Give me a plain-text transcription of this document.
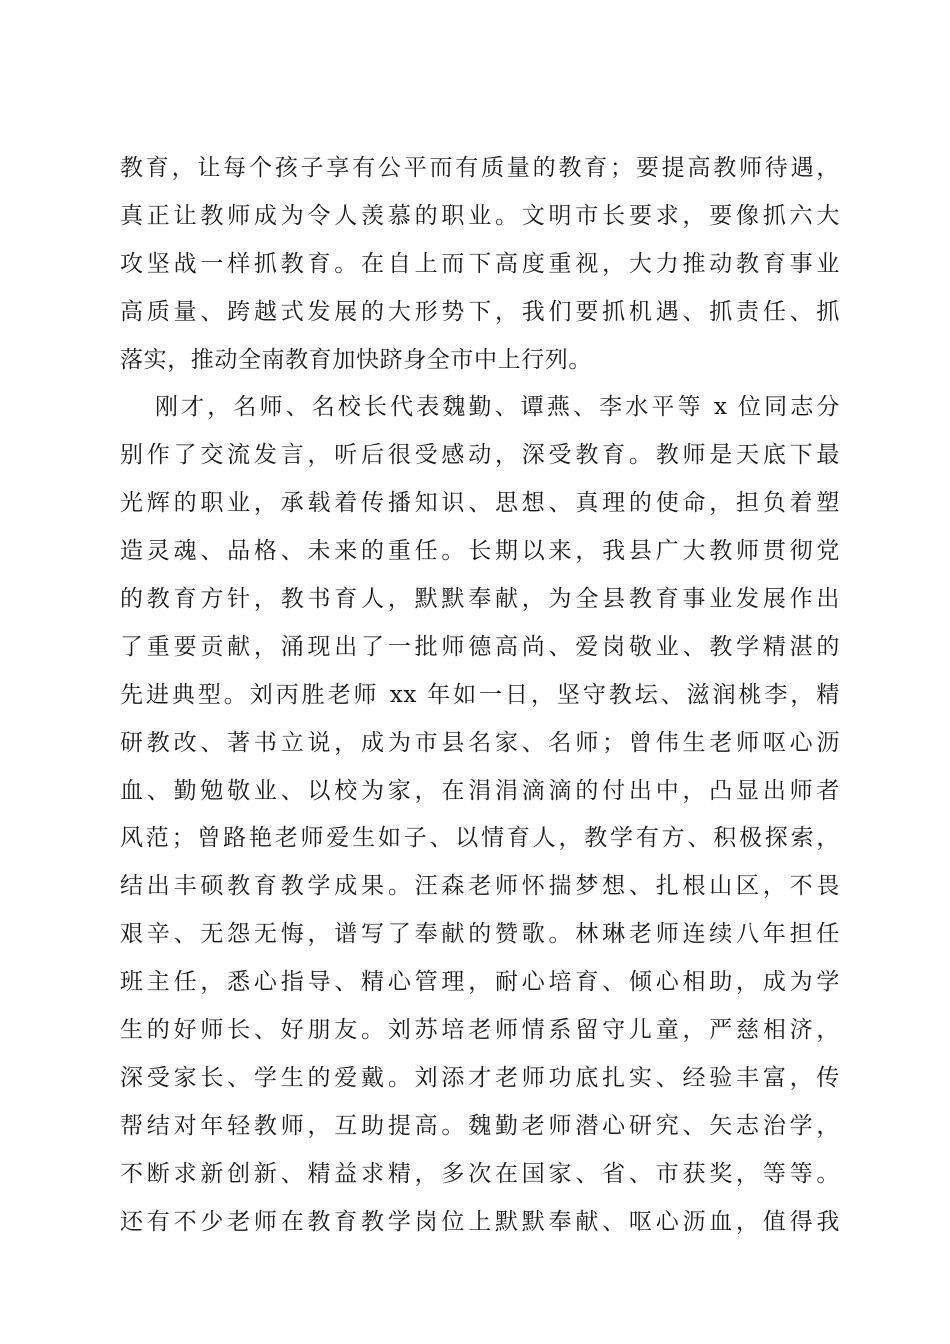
教育，让每个孩子享有公平而有质量的教育；要提高教师待遇，
真正让教师成为令人羡慕的职业。文明市长要求，要像抓六大
攻坚战一样抓教育。在自上而下高度重视，大力推动教育事业
高质量、跨越式发展的大形势下，我们要抓机遇、抓责任、抓
落实，推动全南教育加快跻身全市中上行列。
刚才，名师、名校长代表魏勤、谭燕、李水平等 x 位同志分
别作了交流发言，听后很受感动，深受教育。教师是天底下最
光辉的职业，承载着传播知识、思想、真理的使命，担负着塑
造灵魂、品格、未来的重任。长期以来，我县广大教师贯彻党
的教育方针，教书育人，默默奉献，为全县教育事业发展作出
了重要贡献，涌现出了一批师德高尚、爱岗敬业、教学精湛的
先进典型。刘丙胜老师 xx 年如一日，坚守教坛、滋润桃李，精
研教改、著书立说，成为市县名家、名师；曾伟生老师呕心沥
血、勤勉敬业、以校为家，在涓涓滴滴的付出中，凸显出师者
风范；曾路艳老师爱生如子、以情育人，教学有方、积极探索，
结出丰硕教育教学成果。汪森老师怀揣梦想、扎根山区，不畏
艰辛、无怨无悔，谱写了奉献的赞歌。林琳老师连续八年担任
班主任，悉心指导、精心管理，耐心培育、倾心相助，成为学
生的好师长、好朋友。刘苏培老师情系留守儿童，严慈相济，
深受家长、学生的爱戴。刘添才老师功底扎实、经验丰富，传
帮结对年轻教师，互助提高。魏勤老师潜心研究、矢志治学，
不断求新创新、精益求精，多次在国家、省、市获奖，等等。
还有不少老师在教育教学岗位上默默奉献、呕心沥血，值得我
